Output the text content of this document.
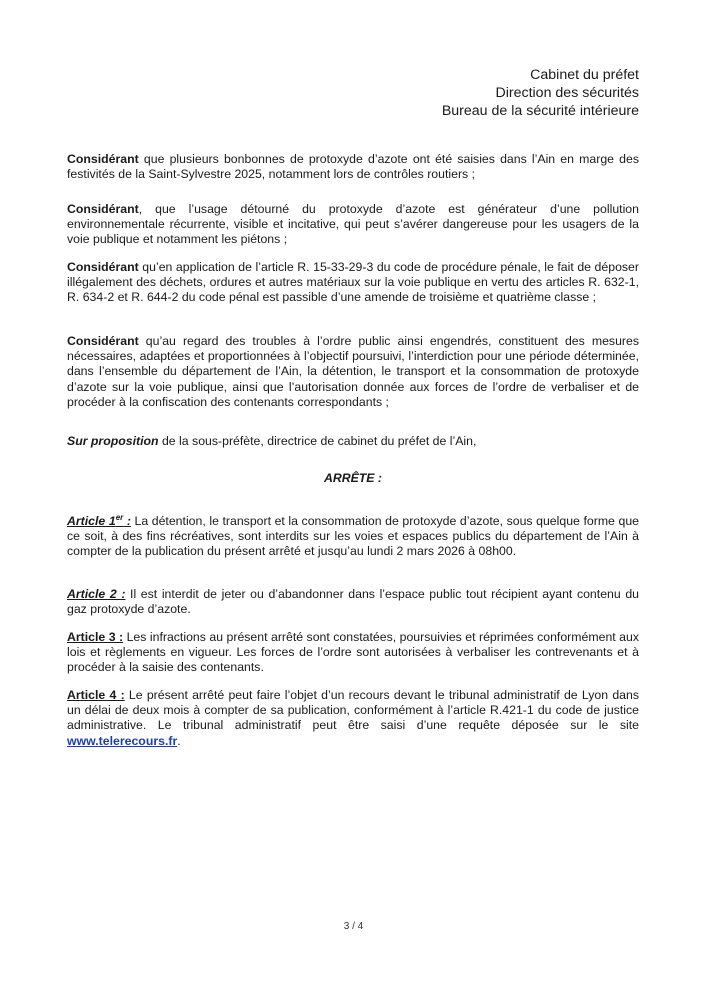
Cabinet du préfet
Direction des sécurités
Bureau de la sécurité intérieure

Considérant que plusieurs bonbonnes de protoxyde d’azote ont été saisies dans l’Ain en marge des festivités de la Saint-Sylvestre 2025, notamment lors de contrôles routiers ;

Considérant, que l’usage détourné du protoxyde d’azote est générateur d’une pollution environnementale récurrente, visible et incitative, qui peut s’avérer dangereuse pour les usagers de la voie publique et notamment les piétons ;

Considérant qu’en application de l’article R. 15-33-29-3 du code de procédure pénale, le fait de déposer illégalement des déchets, ordures et autres matériaux sur la voie publique en vertu des articles R. 632-1, R. 634-2 et R. 644-2 du code pénal est passible d’une amende de troisième et quatrième classe ;

Considérant qu’au regard des troubles à l’ordre public ainsi engendrés, constituent des mesures nécessaires, adaptées et proportionnées à l’objectif poursuivi, l’interdiction pour une période déterminée, dans l’ensemble du département de l’Ain, la détention, le transport et la consommation de protoxyde d’azote sur la voie publique, ainsi que l’autorisation donnée aux forces de l’ordre de verbaliser et de procéder à la confiscation des contenants correspondants ;

Sur proposition de la sous-préfète, directrice de cabinet du préfet de l’Ain,

ARRÊTE :

Article 1er : La détention, le transport et la consommation de protoxyde d’azote, sous quelque forme que ce soit, à des fins récréatives, sont interdits sur les voies et espaces publics du département de l’Ain à compter de la publication du présent arrêté et jusqu’au lundi 2 mars 2026 à 08h00.

Article 2 : Il est interdit de jeter ou d’abandonner dans l’espace public tout récipient ayant contenu du gaz protoxyde d’azote.

Article 3 : Les infractions au présent arrêté sont constatées, poursuivies et réprimées conformément aux lois et règlements en vigueur. Les forces de l’ordre sont autorisées à verbaliser les contrevenants et à procéder à la saisie des contenants.

Article 4 : Le présent arrêté peut faire l’objet d’un recours devant le tribunal administratif de Lyon dans un délai de deux mois à compter de sa publication, conformément à l’article R.421-1 du code de justice administrative. Le tribunal administratif peut être saisi d’une requête déposée sur le site www.telerecours.fr.

3 / 4
